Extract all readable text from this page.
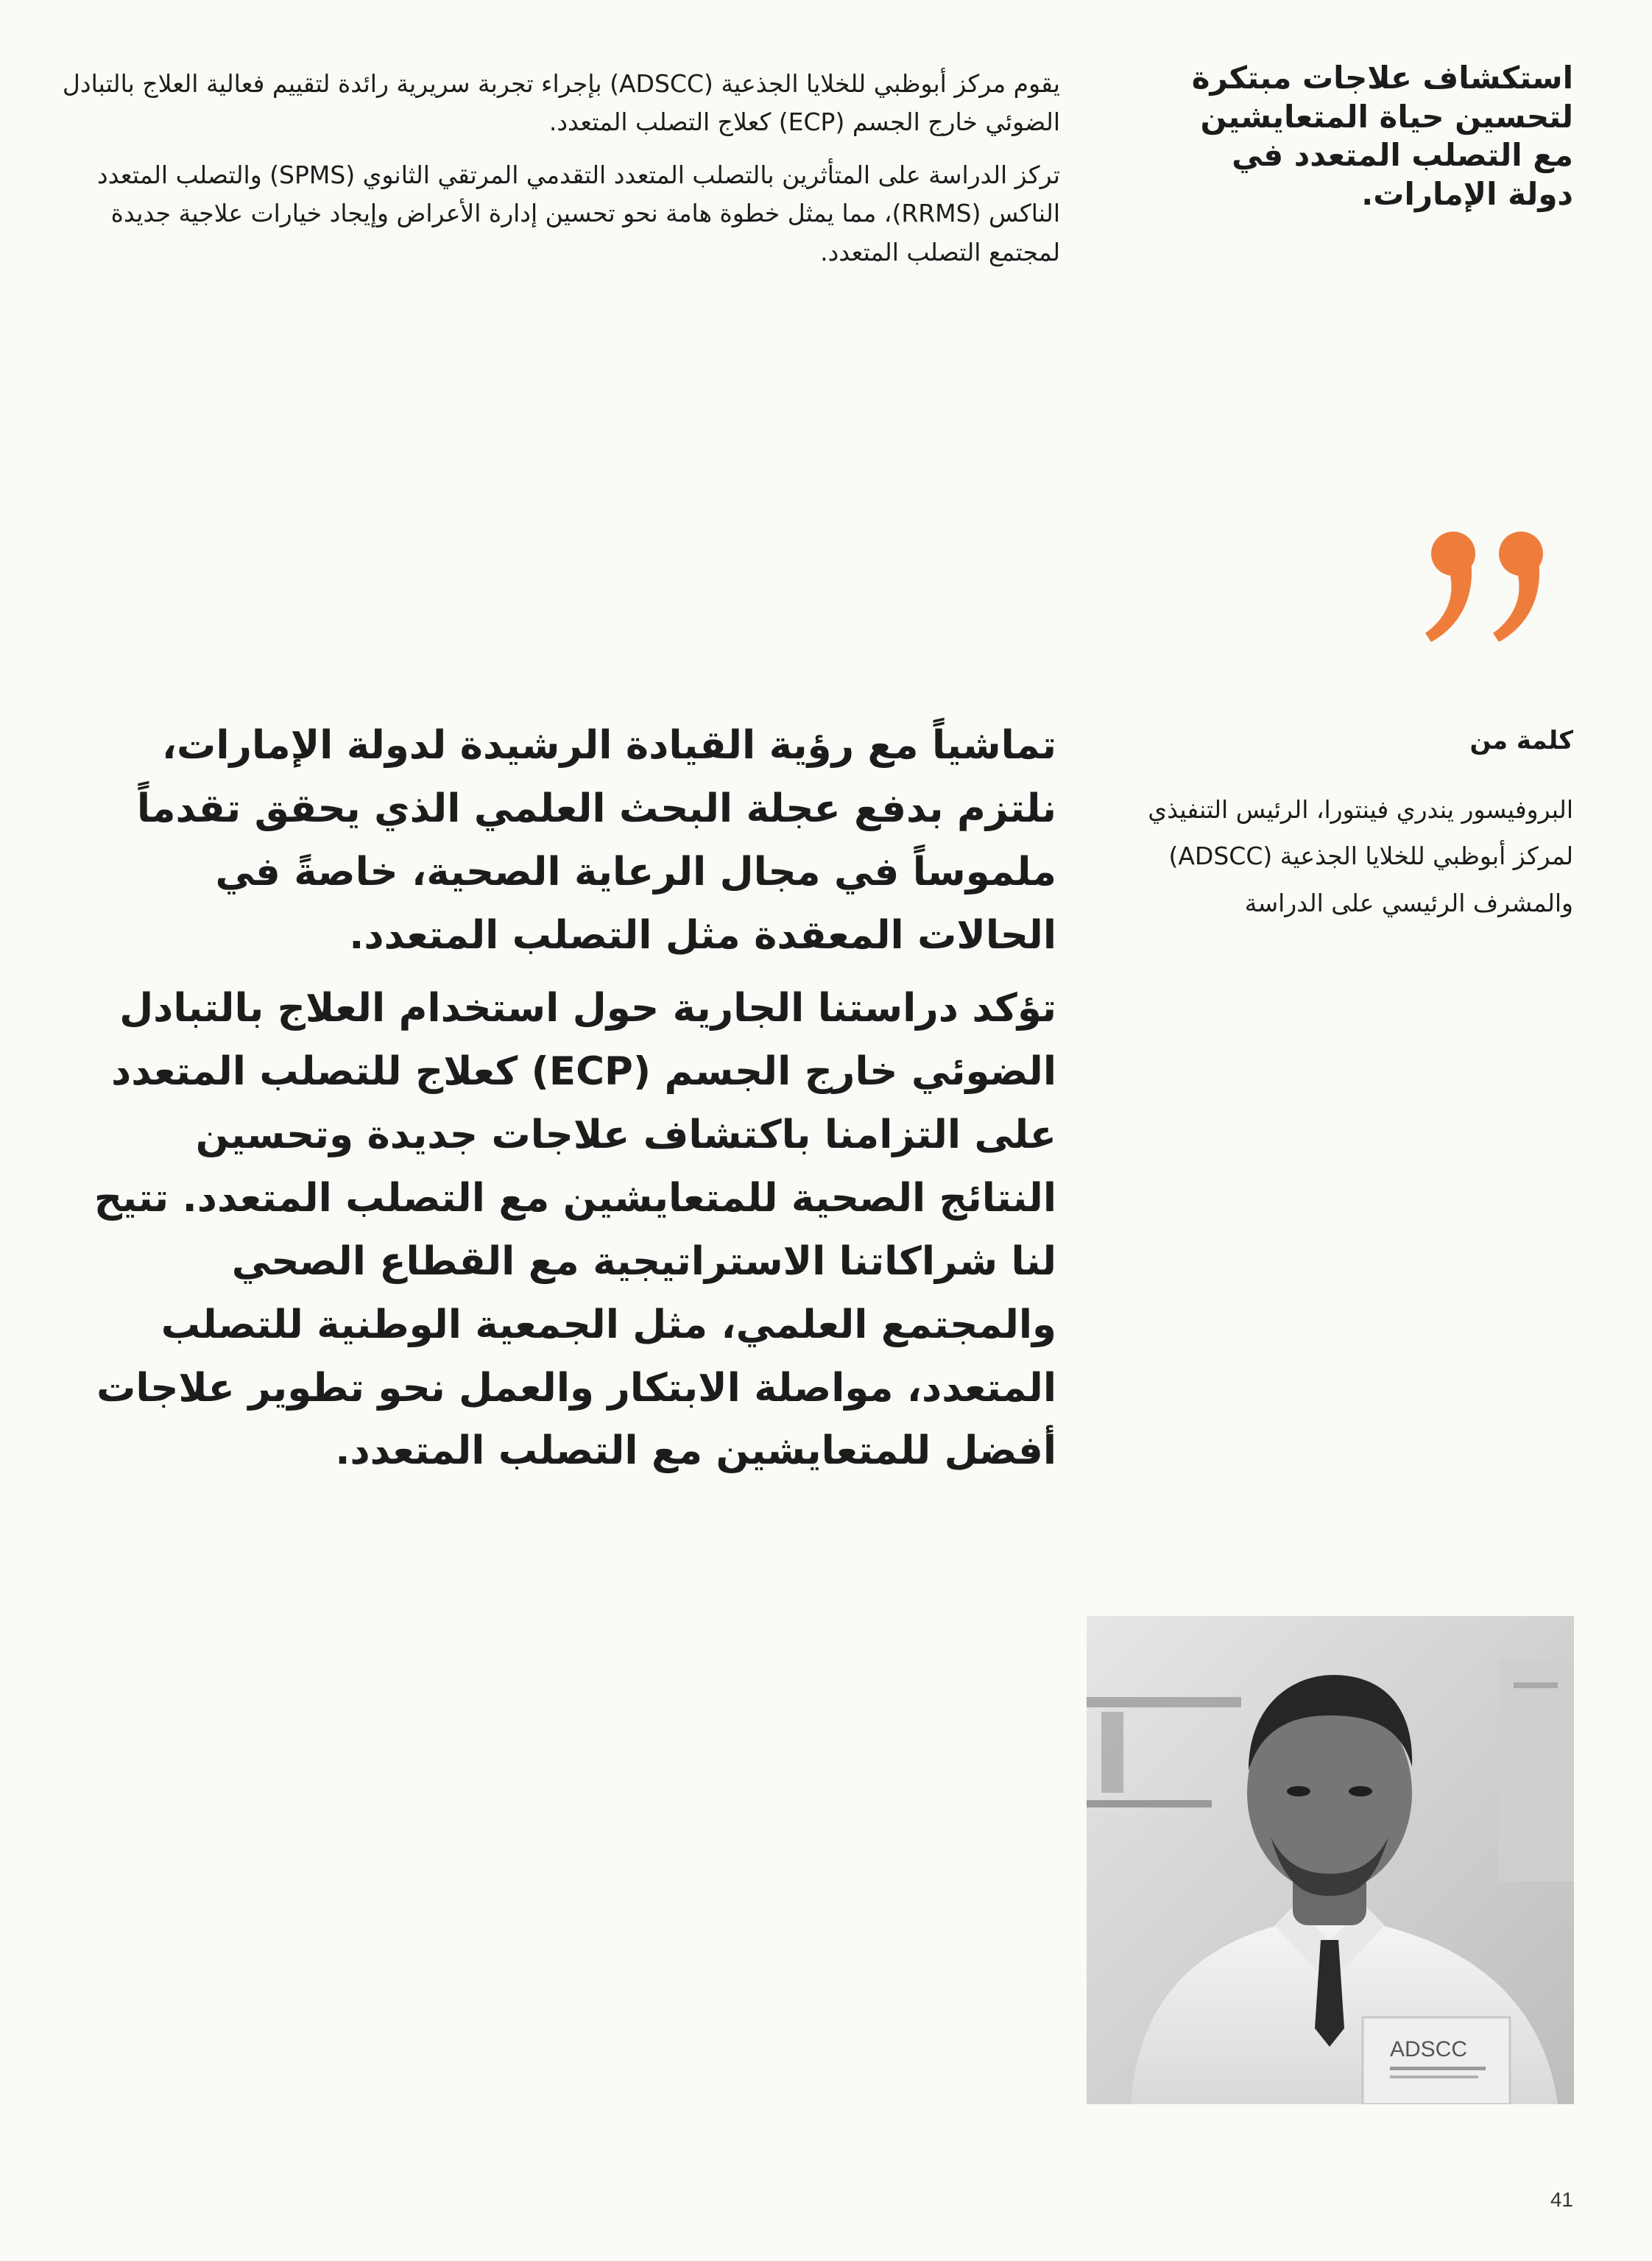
استكشاف علاجات مبتكرة لتحسين حياة المتعايشين مع التصلب المتعدد في دولة الإمارات.

يقوم مركز أبوظبي للخلايا الجذعية (ADSCC) بإجراء تجربة سريرية رائدة لتقييم فعالية العلاج بالتبادل الضوئي خارج الجسم (ECP) كعلاج التصلب المتعدد.

تركز الدراسة على المتأثرين بالتصلب المتعدد التقدمي المرتقي الثانوي (SPMS) والتصلب المتعدد الناكس (RRMS)، مما يمثل خطوة هامة نحو تحسين إدارة الأعراض وإيجاد خيارات علاجية جديدة لمجتمع التصلب المتعدد.

كلمة من

البروفيسور يندري فينتورا، الرئيس التنفيذي لمركز أبوظبي للخلايا الجذعية (ADSCC) والمشرف الرئيسي على الدراسة

تماشياً مع رؤية القيادة الرشيدة لدولة الإمارات، نلتزم بدفع عجلة البحث العلمي الذي يحقق تقدماً ملموساً في مجال الرعاية الصحية، خاصةً في الحالات المعقدة مثل التصلب المتعدد.

تؤكد دراستنا الجارية حول استخدام العلاج بالتبادل الضوئي خارج الجسم (ECP) كعلاج للتصلب المتعدد على التزامنا باكتشاف علاجات جديدة وتحسين النتائج الصحية للمتعايشين مع التصلب المتعدد. تتيح لنا شراكاتنا الاستراتيجية مع القطاع الصحي والمجتمع العلمي، مثل الجمعية الوطنية للتصلب المتعدد، مواصلة الابتكار والعمل نحو تطوير علاجات أفضل للمتعايشين مع التصلب المتعدد.

ADSCC

41
